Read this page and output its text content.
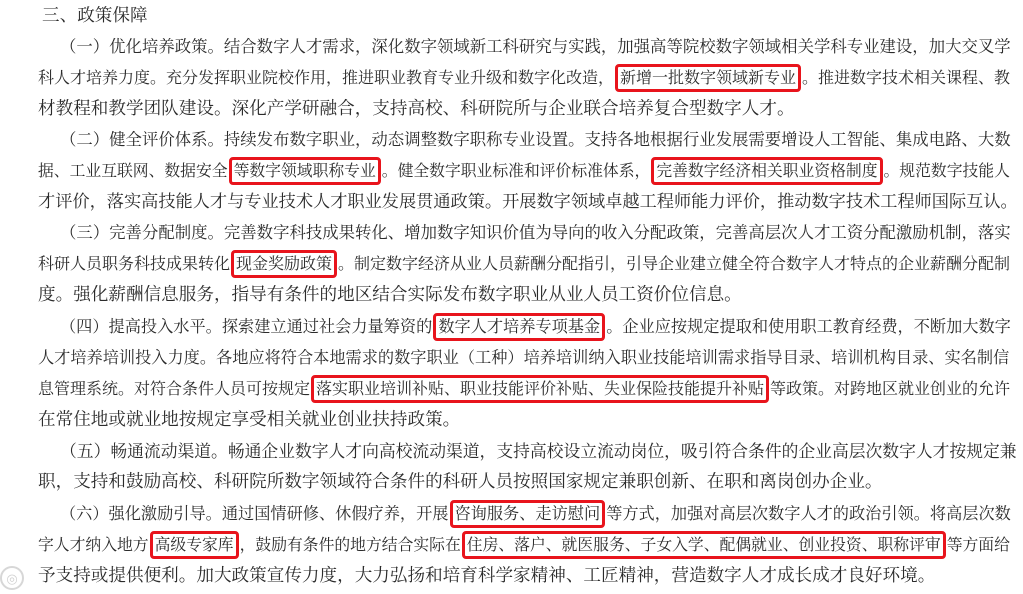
三、政策保障
（一）优化培养政策。结合数字人才需求，深化数字领域新工科研究与实践，加强高等院校数字领域相关学科专业建设，加大交叉学
科人才培养力度。充分发挥职业院校作用，推进职业教育专业升级和数字化改造， 新增一批数字领域新专业 。推进数字技术相关课程、教
材教程和教学团队建设。深化产学研融合，支持高校、科研院所与企业联合培养复合型数字人才。
（二）健全评价体系。持续发布数字职业，动态调整数字职称专业设置。支持各地根据行业发展需要增设人工智能、集成电路、大数
据、工业互联网、数据安全 等数字领域职称专业 。健全数字职业标准和评价标准体系， 完善数字经济相关职业资格制度 。规范数字技能人
才评价，落实高技能人才与专业技术人才职业发展贯通政策。开展数字领域卓越工程师能力评价，推动数字技术工程师国际互认。
（三）完善分配制度。完善数字科技成果转化、增加数字知识价值为导向的收入分配政策，完善高层次人才工资分配激励机制，落实
科研人员职务科技成果转化 现金奖励政策 。制定数字经济从业人员薪酬分配指引，引导企业建立健全符合数字人才特点的企业薪酬分配制
度。强化薪酬信息服务，指导有条件的地区结合实际发布数字职业从业人员工资价位信息。
（四）提高投入水平。探索建立通过社会力量筹资的 数字人才培养专项基金 。企业应按规定提取和使用职工教育经费，不断加大数字
人才培养培训投入力度。各地应将符合本地需求的数字职业（工种）培养培训纳入职业技能培训需求指导目录、培训机构目录、实名制信
息管理系统。对符合条件人员可按规定 落实职业培训补贴、职业技能评价补贴、失业保险技能提升补贴 等政策。对跨地区就业创业的允许
在常住地或就业地按规定享受相关就业创业扶持政策。
（五）畅通流动渠道。畅通企业数字人才向高校流动渠道，支持高校设立流动岗位，吸引符合条件的企业高层次数字人才按规定兼
职，支持和鼓励高校、科研院所数字领域符合条件的科研人员按照国家规定兼职创新、在职和离岗创办企业。
（六）强化激励引导。通过国情研修、休假疗养，开展 咨询服务、走访慰问 等方式，加强对高层次数字人才的政治引领。将高层次数
字人才纳入地方 高级专家库 ，鼓励有条件的地方结合实际在 住房、落户、就医服务、子女入学、配偶就业、创业投资、职称评审 等方面给
予支持或提供便利。加大政策宣传力度，大力弘扬和培育科学家精神、工匠精神，营造数字人才成长成才良好环境。
◎
